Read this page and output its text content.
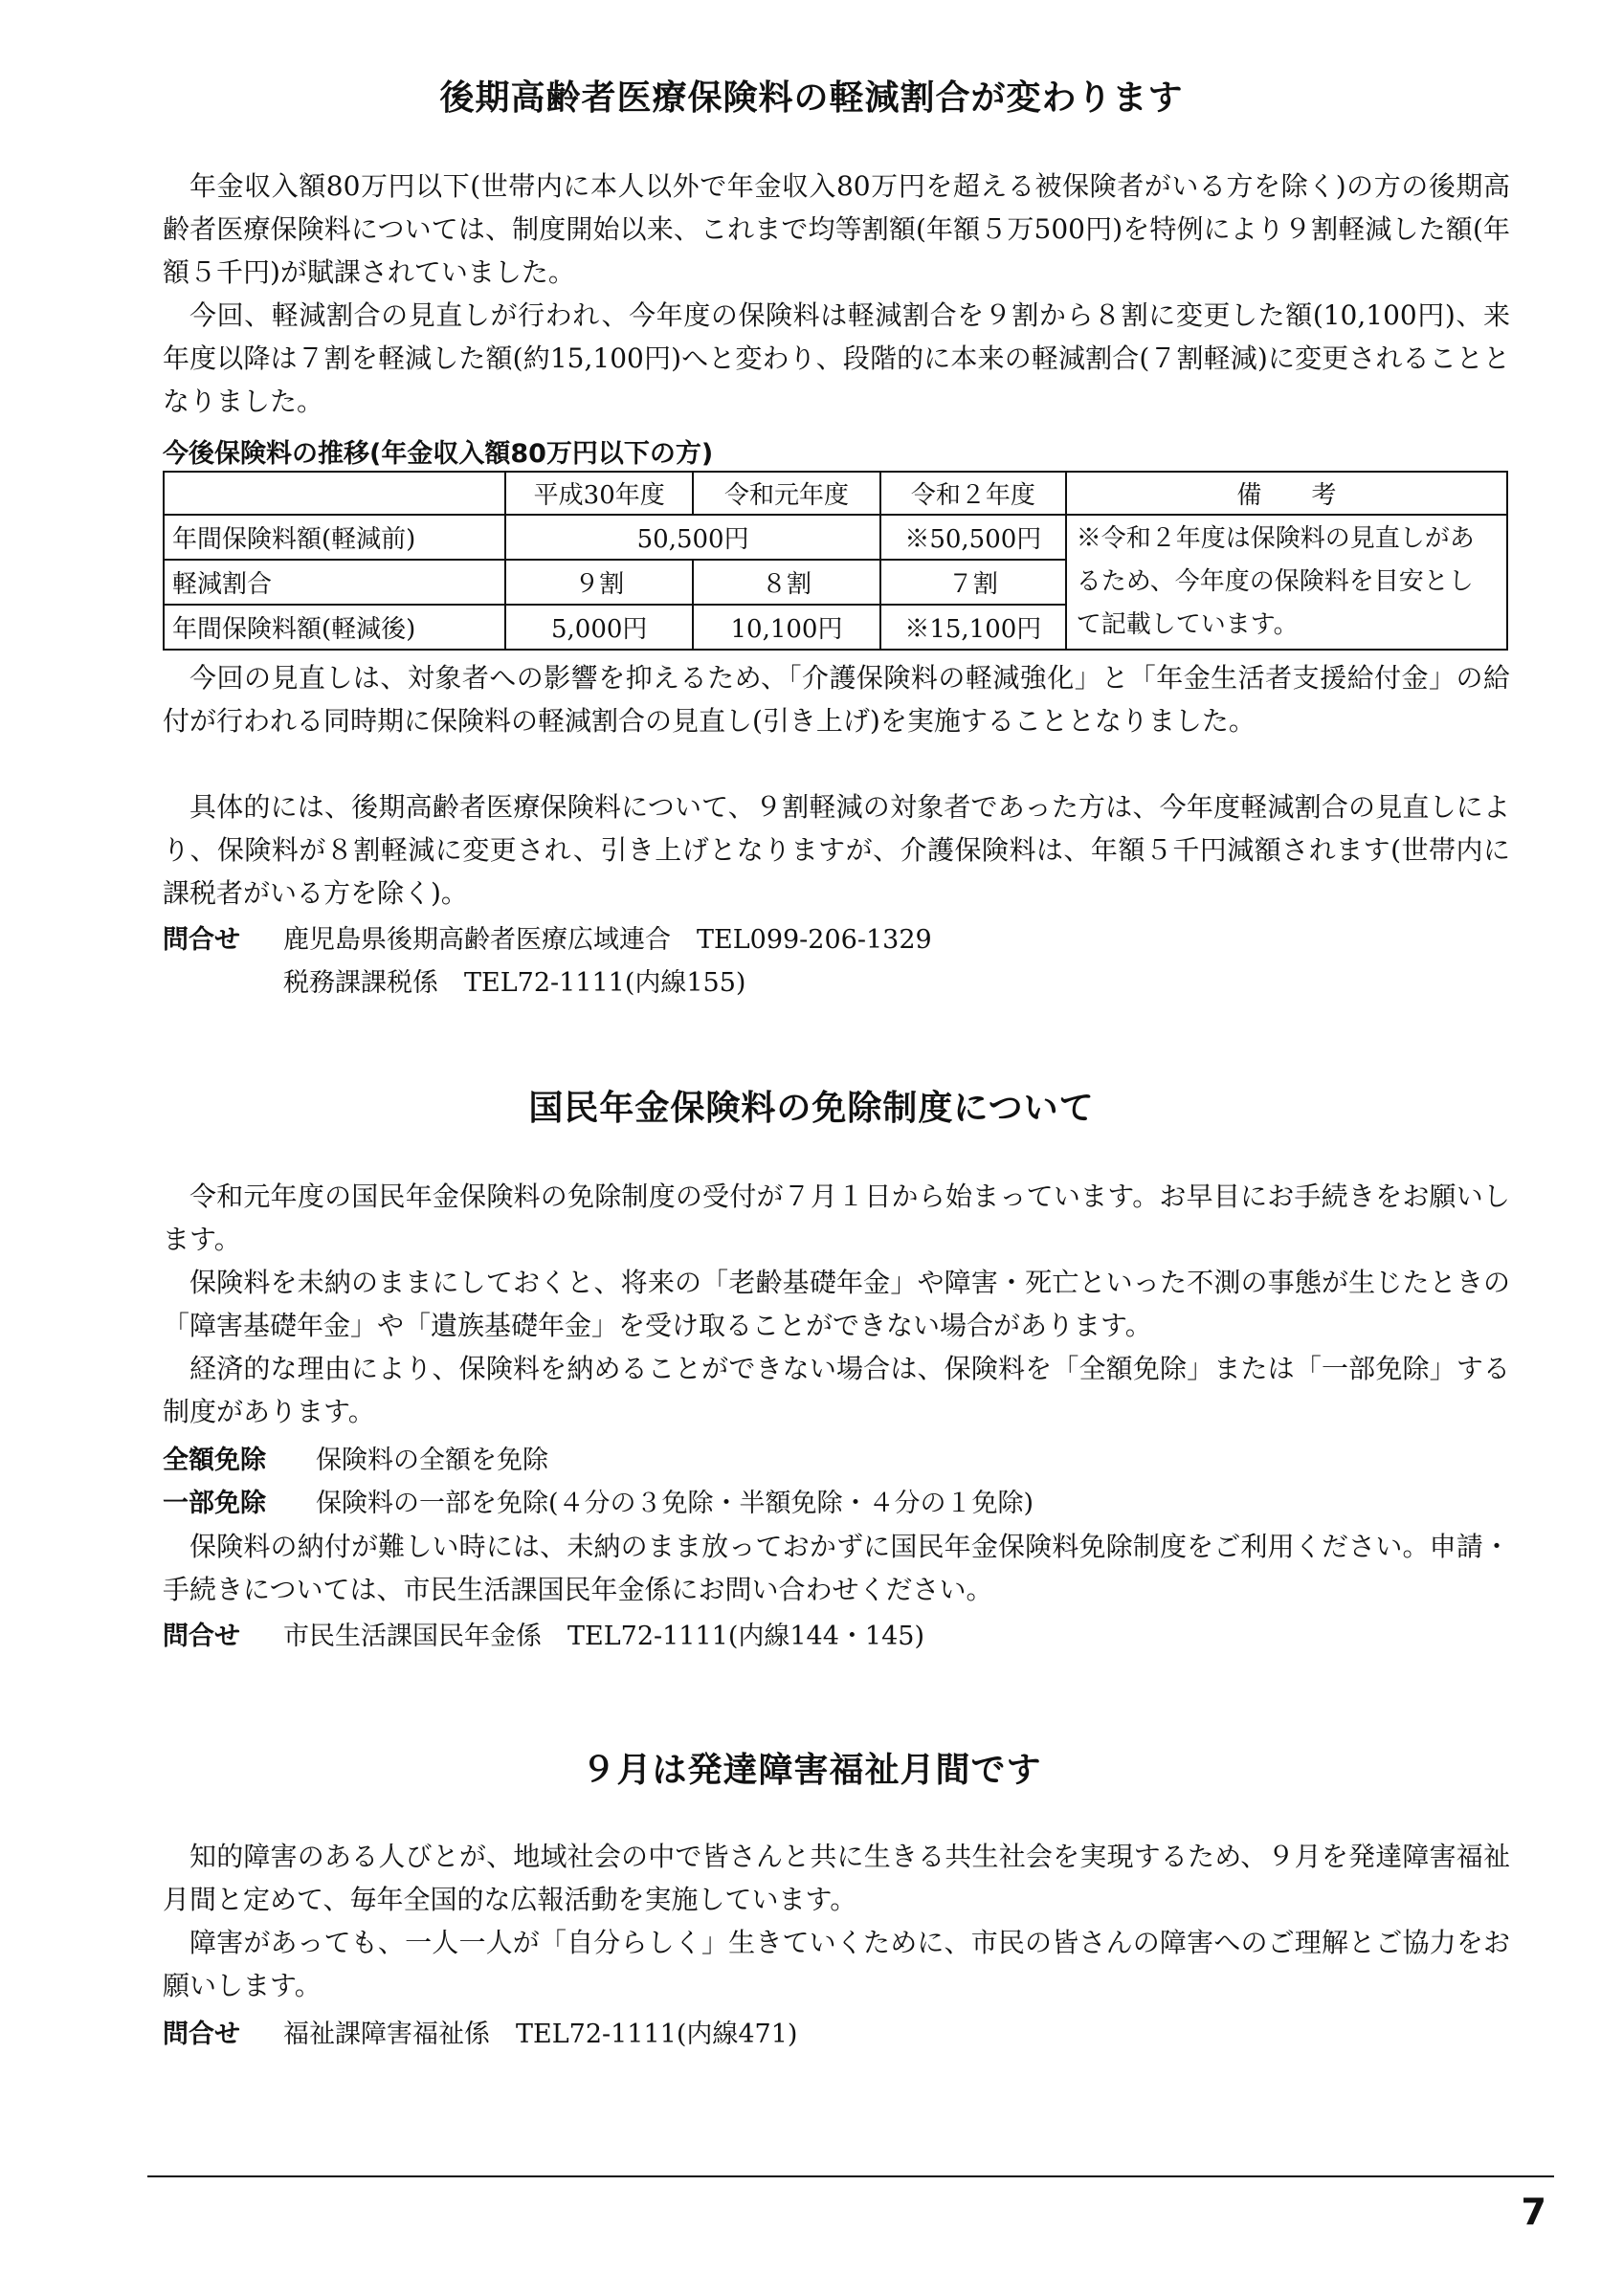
後期高齢者医療保険料の軽減割合が変わります

年金収入額80万円以下(世帯内に本人以外で年金収入80万円を超える被保険者がいる方を除く)の方の後期高齢者医療保険料については、制度開始以来、これまで均等割額(年額５万500円)を特例により９割軽減した額(年額５千円)が賦課されていました。

今回、軽減割合の見直しが行われ、今年度の保険料は軽減割合を９割から８割に変更した額(10,100円)、来年度以降は７割を軽減した額(約15,100円)へと変わり、段階的に本来の軽減割合(７割軽減)に変更されることとなりました。

今後保険料の推移(年金収入額80万円以下の方)
	平成30年度	令和元年度	令和２年度	備　　考
年間保険料額(軽減前)	50,500円		※50,500円	※令和２年度は保険料の見直しがあるため、今年度の保険料を目安として記載しています。
軽減割合	９割	８割	７割	
年間保険料額(軽減後)	5,000円	10,100円	※15,100円	

今回の見直しは、対象者への影響を抑えるため、「介護保険料の軽減強化」と「年金生活者支援給付金」の給付が行われる同時期に保険料の軽減割合の見直し(引き上げ)を実施することとなりました。

具体的には、後期高齢者医療保険料について、９割軽減の対象者であった方は、今年度軽減割合の見直しにより、保険料が８割軽減に変更され、引き上げとなりますが、介護保険料は、年額５千円減額されます(世帯内に課税者がいる方を除く)。

問合せ 鹿児島県後期高齢者医療広域連合　TEL099-206-1329
税務課課税係　TEL72-1111(内線155)
国民年金保険料の免除制度について

令和元年度の国民年金保険料の免除制度の受付が７月１日から始まっています。お早目にお手続きをお願いします。

保険料を未納のままにしておくと、将来の「老齢基礎年金」や障害・死亡といった不測の事態が生じたときの「障害基礎年金」や「遺族基礎年金」を受け取ることができない場合があります。

経済的な理由により、保険料を納めることができない場合は、保険料を「全額免除」または「一部免除」する制度があります。

全額免除 保険料の全額を免除
一部免除 保険料の一部を免除(４分の３免除・半額免除・４分の１免除)

保険料の納付が難しい時には、未納のまま放っておかずに国民年金保険料免除制度をご利用ください。申請・手続きについては、市民生活課国民年金係にお問い合わせください。

問合せ 市民生活課国民年金係　TEL72-1111(内線144・145)
９月は発達障害福祉月間です

知的障害のある人びとが、地域社会の中で皆さんと共に生きる共生社会を実現するため、９月を発達障害福祉月間と定めて、毎年全国的な広報活動を実施しています。

障害があっても、一人一人が「自分らしく」生きていくために、市民の皆さんの障害へのご理解とご協力をお願いします。

問合せ 福祉課障害福祉係　TEL72-1111(内線471)
7
